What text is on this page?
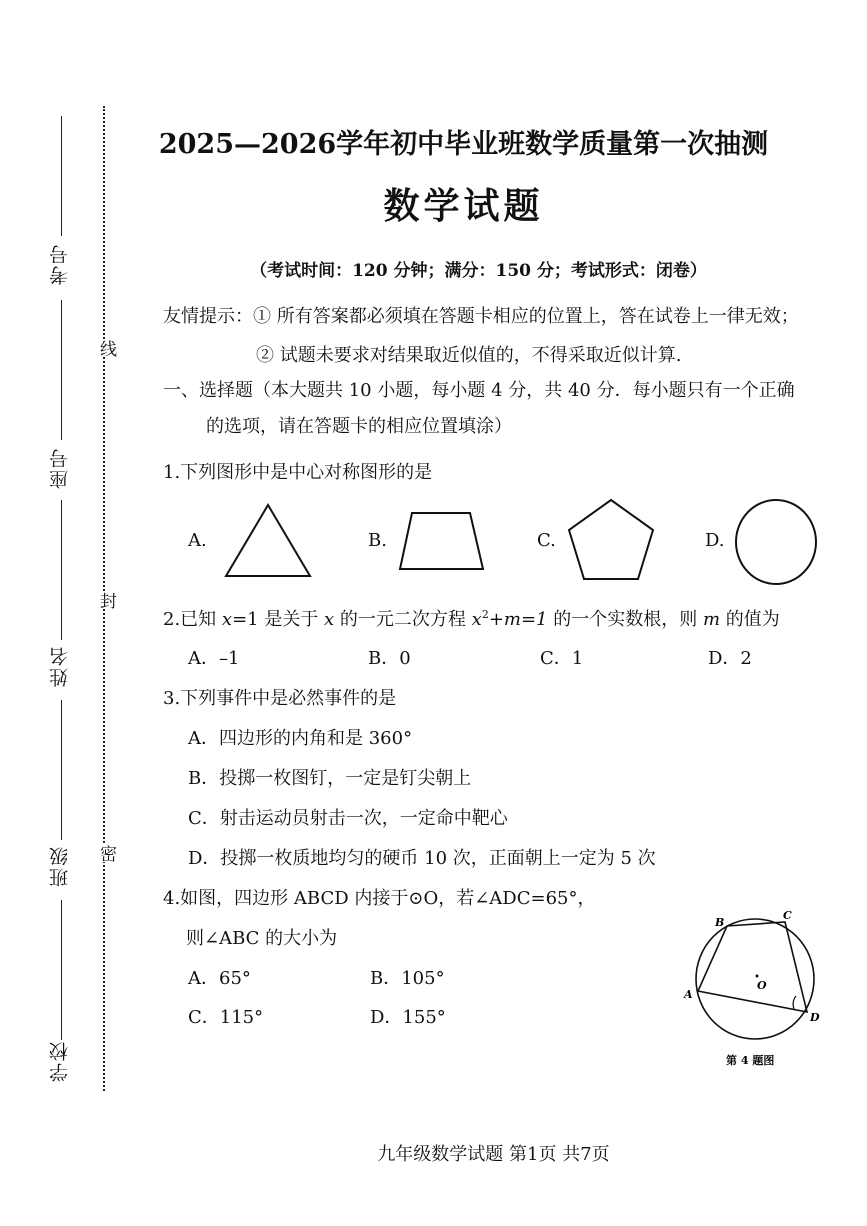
考号
座号
姓名
班级
学校
线
封
密
2025—2026学年初中毕业班数学质量第一次抽测
数学试题
（考试时间：120 分钟；满分：150 分；考试形式：闭卷）
友情提示：① 所有答案都必须填在答题卡相应的位置上，答在试卷上一律无效；
② 试题未要求对结果取近似值的，不得采取近似计算.
一、选择题（本大题共 10 小题，每小题 4 分，共 40 分．每小题只有一个正确
的选项，请在答题卡的相应位置填涂）
1.下列图形中是中心对称图形的是
A.	B.	C.	D.
2.已知 x=1 是关于 x 的一元二次方程 $x^2+m=1$ 的一个实数根，则 m 的值为
A．–1	B．0	C．1	D．2
3.下列事件中是必然事件的是
A．四边形的内角和是 360°
B．投掷一枚图钉，一定是钉尖朝上
C．射击运动员射击一次，一定命中靶心
D．投掷一枚质地均匀的硬币 10 次，正面朝上一定为 5 次
4.如图，四边形 ABCD 内接于⊙O，若∠ADC=65°，
则∠ABC 的大小为
A．65°	B．105°
C．115°	D．155°
B
C
O
A
D
第 4 题图
九年级数学试题 第1页 共7页
